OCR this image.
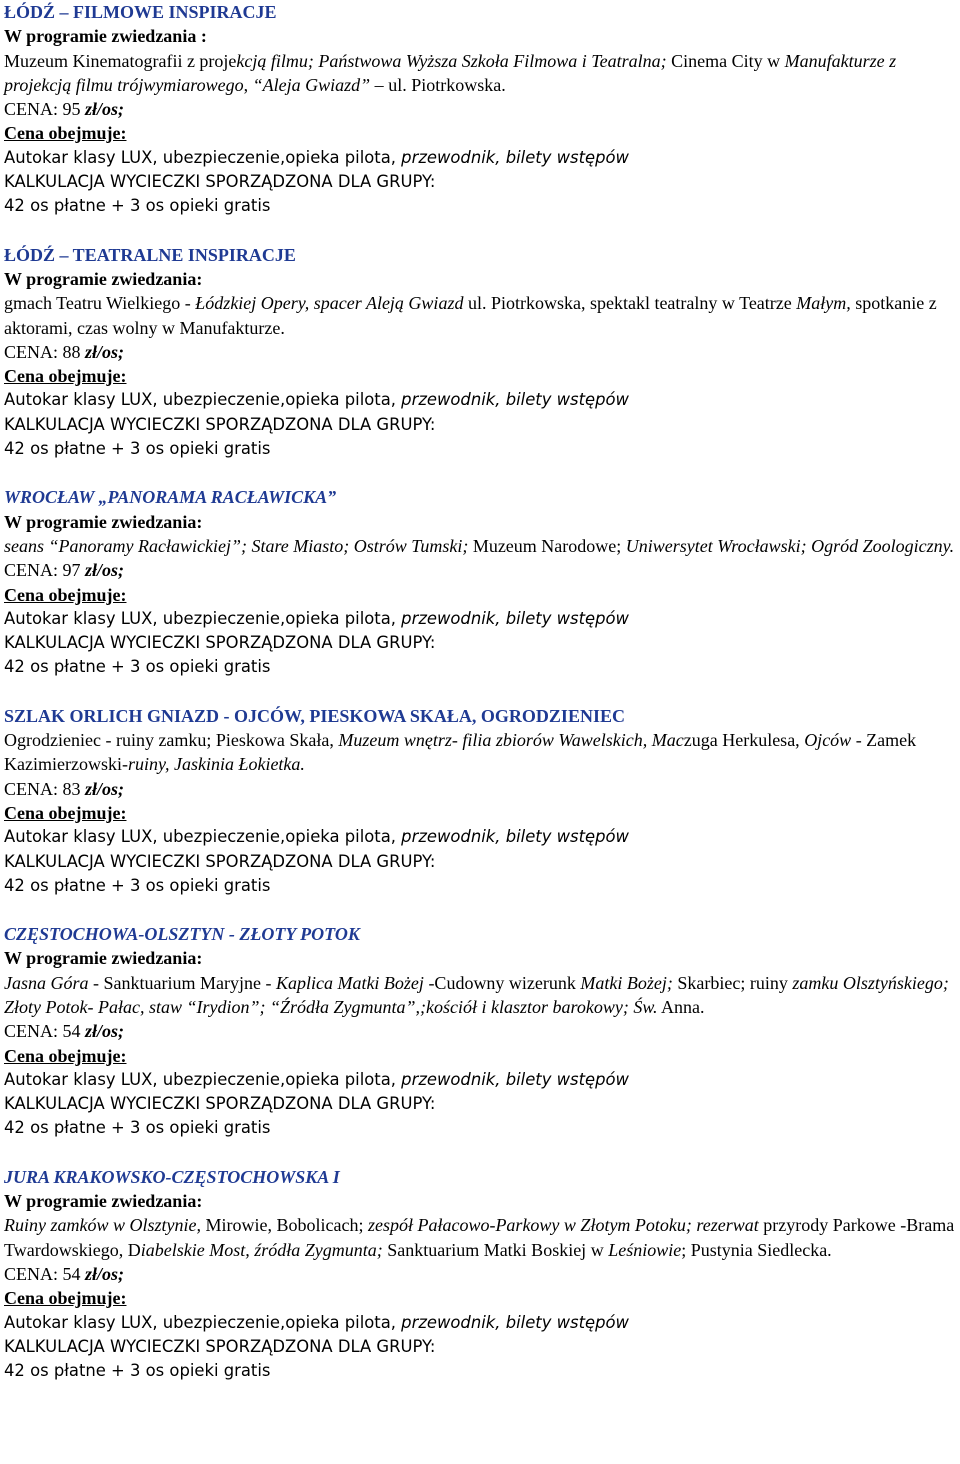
ŁÓDŹ – FILMOWE INSPIRACJE
W programie zwiedzania :
Muzeum Kinematografii z projekcją filmu; Państwowa Wyższa Szkoła Filmowa i Teatralna; Cinema City w Manufakturze z projekcją filmu trójwymiarowego, “Aleja Gwiazd” – ul. Piotrkowska.
CENA: 95 zł/os;
Cena obejmuje:
Autokar klasy LUX, ubezpieczenie,opieka pilota, przewodnik, bilety wstępów
KALKULACJA WYCIECZKI SPORZĄDZONA DLA GRUPY:
42 os płatne + 3 os opieki gratis
ŁÓDŹ – TEATRALNE INSPIRACJE
W programie zwiedzania:
gmach Teatru Wielkiego - Łódzkiej Opery, spacer Aleją Gwiazd ul. Piotrkowska, spektakl teatralny w Teatrze Małym, spotkanie z aktorami, czas wolny w Manufakturze.
CENA: 88 zł/os;
Cena obejmuje:
Autokar klasy LUX, ubezpieczenie,opieka pilota, przewodnik, bilety wstępów
KALKULACJA WYCIECZKI SPORZĄDZONA DLA GRUPY:
42 os płatne + 3 os opieki gratis
WROCŁAW „PANORAMA RACŁAWICKA”
W programie zwiedzania:
seans “Panoramy Racławickiej”; Stare Miasto; Ostrów Tumski; Muzeum Narodowe; Uniwersytet Wrocławski; Ogród Zoologiczny.
CENA: 97 zł/os;
Cena obejmuje:
Autokar klasy LUX, ubezpieczenie,opieka pilota, przewodnik, bilety wstępów
KALKULACJA WYCIECZKI SPORZĄDZONA DLA GRUPY:
42 os płatne + 3 os opieki gratis
SZLAK ORLICH GNIAZD - OJCÓW, PIESKOWA SKAŁA, OGRODZIENIEC
Ogrodzieniec - ruiny zamku; Pieskowa Skała, Muzeum wnętrz- filia zbiorów Wawelskich, Maczuga Herkulesa, Ojców - Zamek Kazimierzowski-ruiny, Jaskinia Łokietka.
CENA: 83 zł/os;
Cena obejmuje:
Autokar klasy LUX, ubezpieczenie,opieka pilota, przewodnik, bilety wstępów
KALKULACJA WYCIECZKI SPORZĄDZONA DLA GRUPY:
42 os płatne + 3 os opieki gratis
CZĘSTOCHOWA-OLSZTYN - ZŁOTY POTOK
W programie zwiedzania:
Jasna Góra - Sanktuarium Maryjne - Kaplica Matki Bożej -Cudowny wizerunk Matki Bożej; Skarbiec; ruiny zamku Olsztyńskiego; Złoty Potok- Pałac, staw “Irydion”; “Źródła Zygmunta”,;kościół i klasztor barokowy; Św. Anna.
CENA: 54 zł/os;
Cena obejmuje:
Autokar klasy LUX, ubezpieczenie,opieka pilota, przewodnik, bilety wstępów
KALKULACJA WYCIECZKI SPORZĄDZONA DLA GRUPY:
42 os płatne + 3 os opieki gratis
JURA KRAKOWSKO-CZĘSTOCHOWSKA I
W programie zwiedzania:
Ruiny zamków w Olsztynie, Mirowie, Bobolicach; zespół Pałacowo-Parkowy w Złotym Potoku; rezerwat przyrody Parkowe -Brama Twardowskiego, Diabelskie Most, źródła Zygmunta; Sanktuarium Matki Boskiej w Leśniowie; Pustynia Siedlecka.
CENA: 54 zł/os;
Cena obejmuje:
Autokar klasy LUX, ubezpieczenie,opieka pilota, przewodnik, bilety wstępów
KALKULACJA WYCIECZKI SPORZĄDZONA DLA GRUPY:
42 os płatne + 3 os opieki gratis
